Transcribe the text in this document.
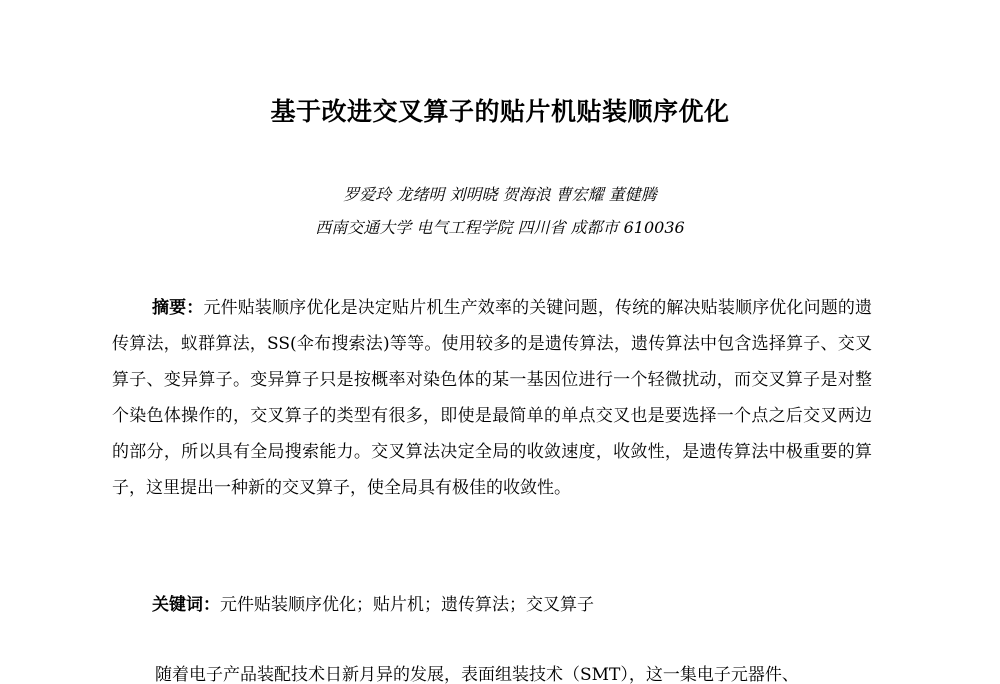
基于改进交叉算子的贴片机贴装顺序优化
罗爱玲 龙绪明 刘明晓 贺海浪 曹宏耀 董健腾
西南交通大学 电气工程学院 四川省 成都市 610036

摘要：元件贴装顺序优化是决定贴片机生产效率的关键问题，传统的解决贴装顺序优化问题的遗传算法，蚁群算法，SS(伞布搜索法)等等。使用较多的是遗传算法，遗传算法中包含选择算子、交叉算子、变异算子。变异算子只是按概率对染色体的某一基因位进行一个轻微扰动，而交叉算子是对整个染色体操作的，交叉算子的类型有很多，即使是最简单的单点交叉也是要选择一个点之后交叉两边的部分，所以具有全局搜索能力。交叉算法决定全局的收敛速度，收敛性，是遗传算法中极重要的算子，这里提出一种新的交叉算子，使全局具有极佳的收敛性。

关键词：元件贴装顺序优化；贴片机；遗传算法；交叉算子
随着电子产品装配技术日新月异的发展，表面组装技术（SMT），这一集电子元器件、
